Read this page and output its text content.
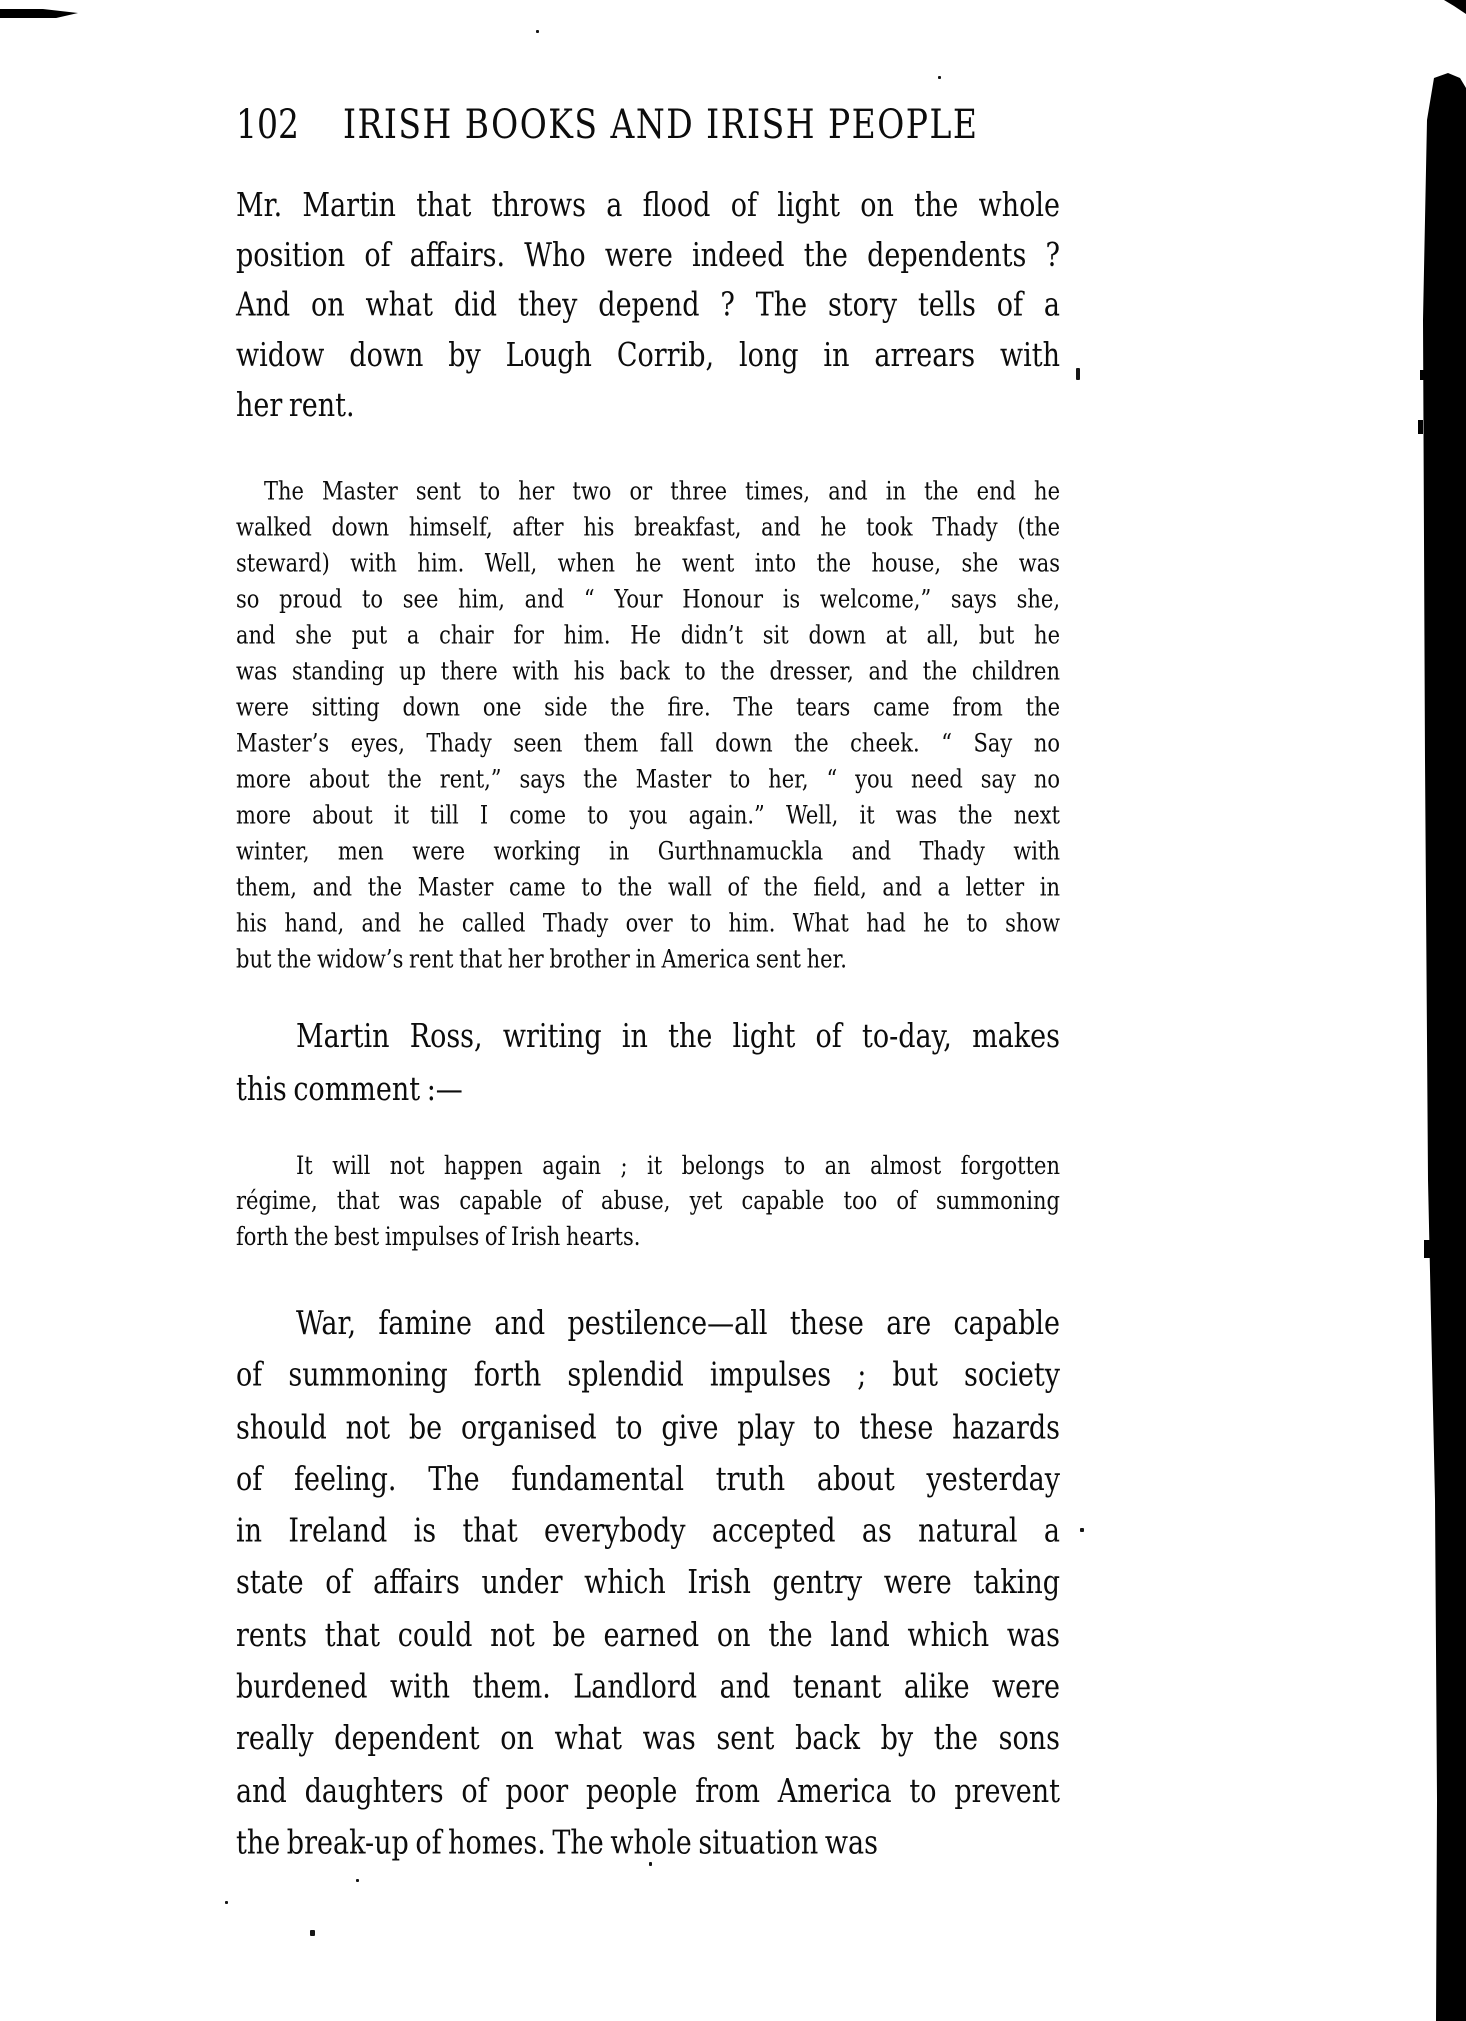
102 IRISH BOOKS AND IRISH PEOPLE
Mr. Martin that throws a flood of light on the whole
position of affairs. Who were indeed the dependents ?
And on what did they depend ? The story tells of a
widow down by Lough Corrib, long in arrears with
her rent.
The Master sent to her two or three times, and in the end he
walked down himself, after his breakfast, and he took Thady (the
steward) with him. Well, when he went into the house, she was
so proud to see him, and “ Your Honour is welcome,” says she,
and she put a chair for him. He didn’t sit down at all, but he
was standing up there with his back to the dresser, and the children
were sitting down one side the fire. The tears came from the
Master’s eyes, Thady seen them fall down the cheek. “ Say no
more about the rent,” says the Master to her, “ you need say no
more about it till I come to you again.” Well, it was the next
winter, men were working in Gurthnamuckla and Thady with
them, and the Master came to the wall of the field, and a letter in
his hand, and he called Thady over to him. What had he to show
but the widow’s rent that her brother in America sent her.
Martin Ross, writing in the light of to-day, makes
this comment :—
It will not happen again ; it belongs to an almost forgotten
régime, that was capable of abuse, yet capable too of summoning
forth the best impulses of Irish hearts.
War, famine and pestilence—all these are capable
of summoning forth splendid impulses ; but society
should not be organised to give play to these hazards
of feeling. The fundamental truth about yesterday
in Ireland is that everybody accepted as natural a
state of affairs under which Irish gentry were taking
rents that could not be earned on the land which was
burdened with them. Landlord and tenant alike were
really dependent on what was sent back by the sons
and daughters of poor people from America to prevent
the break-up of homes. The whole situation was
